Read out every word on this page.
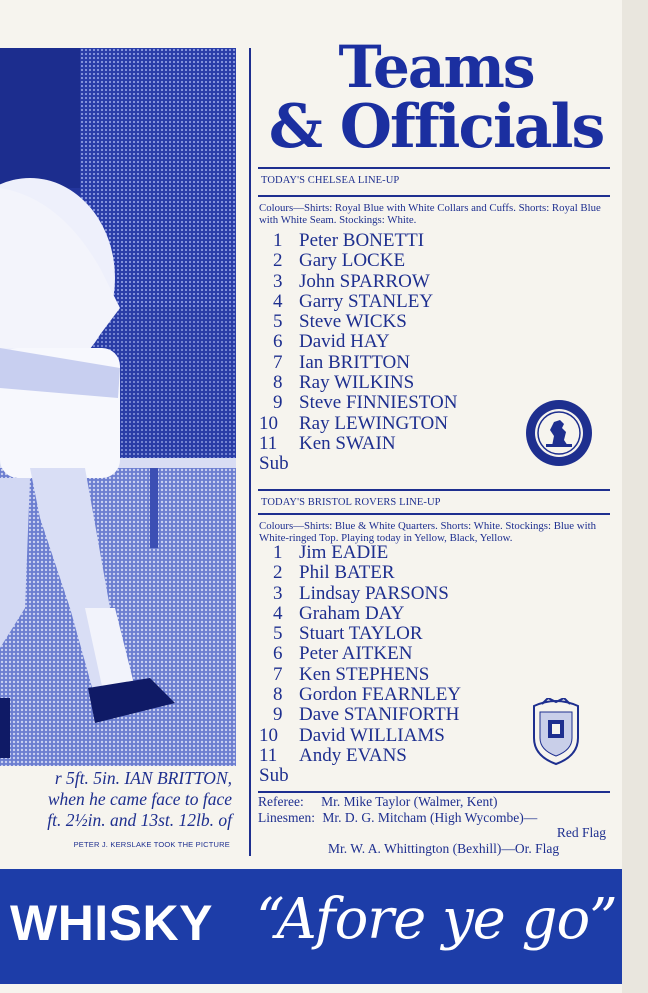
r 5ft. 5in. IAN BRITTON,
when he came face to face
ft. 2½in. and 13st. 12lb. of
PETER J. KERSLAKE TOOK THE PICTURE
Teams
& Officials
TODAY'S CHELSEA LINE-UP
Colours—Shirts: Royal Blue with White Collars and Cuffs. Shorts: Royal Blue with White Seam. Stockings: White.
1 Peter BONETTI
2 Gary LOCKE
3 John SPARROW
4 Garry STANLEY
5 Steve WICKS
6 David HAY
7 Ian BRITTON
8 Ray WILKINS
9 Steve FINNIESTON
10 Ray LEWINGTON
11 Ken SWAIN
Sub
TODAY'S BRISTOL ROVERS LINE-UP
Colours—Shirts: Blue & White Quarters. Shorts: White. Stockings: Blue with White-ringed Top. Playing today in Yellow, Black, Yellow.
1 Jim EADIE
2 Phil BATER
3 Lindsay PARSONS
4 Graham DAY
5 Stuart TAYLOR
6 Peter AITKEN
7 Ken STEPHENS
8 Gordon FEARNLEY
9 Dave STANIFORTH
10 David WILLIAMS
11 Andy EVANS
Sub
Referee: Mr. Mike Taylor (Walmer, Kent)
Linesmen: Mr. D. G. Mitcham (High Wycombe)—
Red Flag
Mr. W. A. Whittington (Bexhill)—Or. Flag
WHISKY “Afore ye go”
